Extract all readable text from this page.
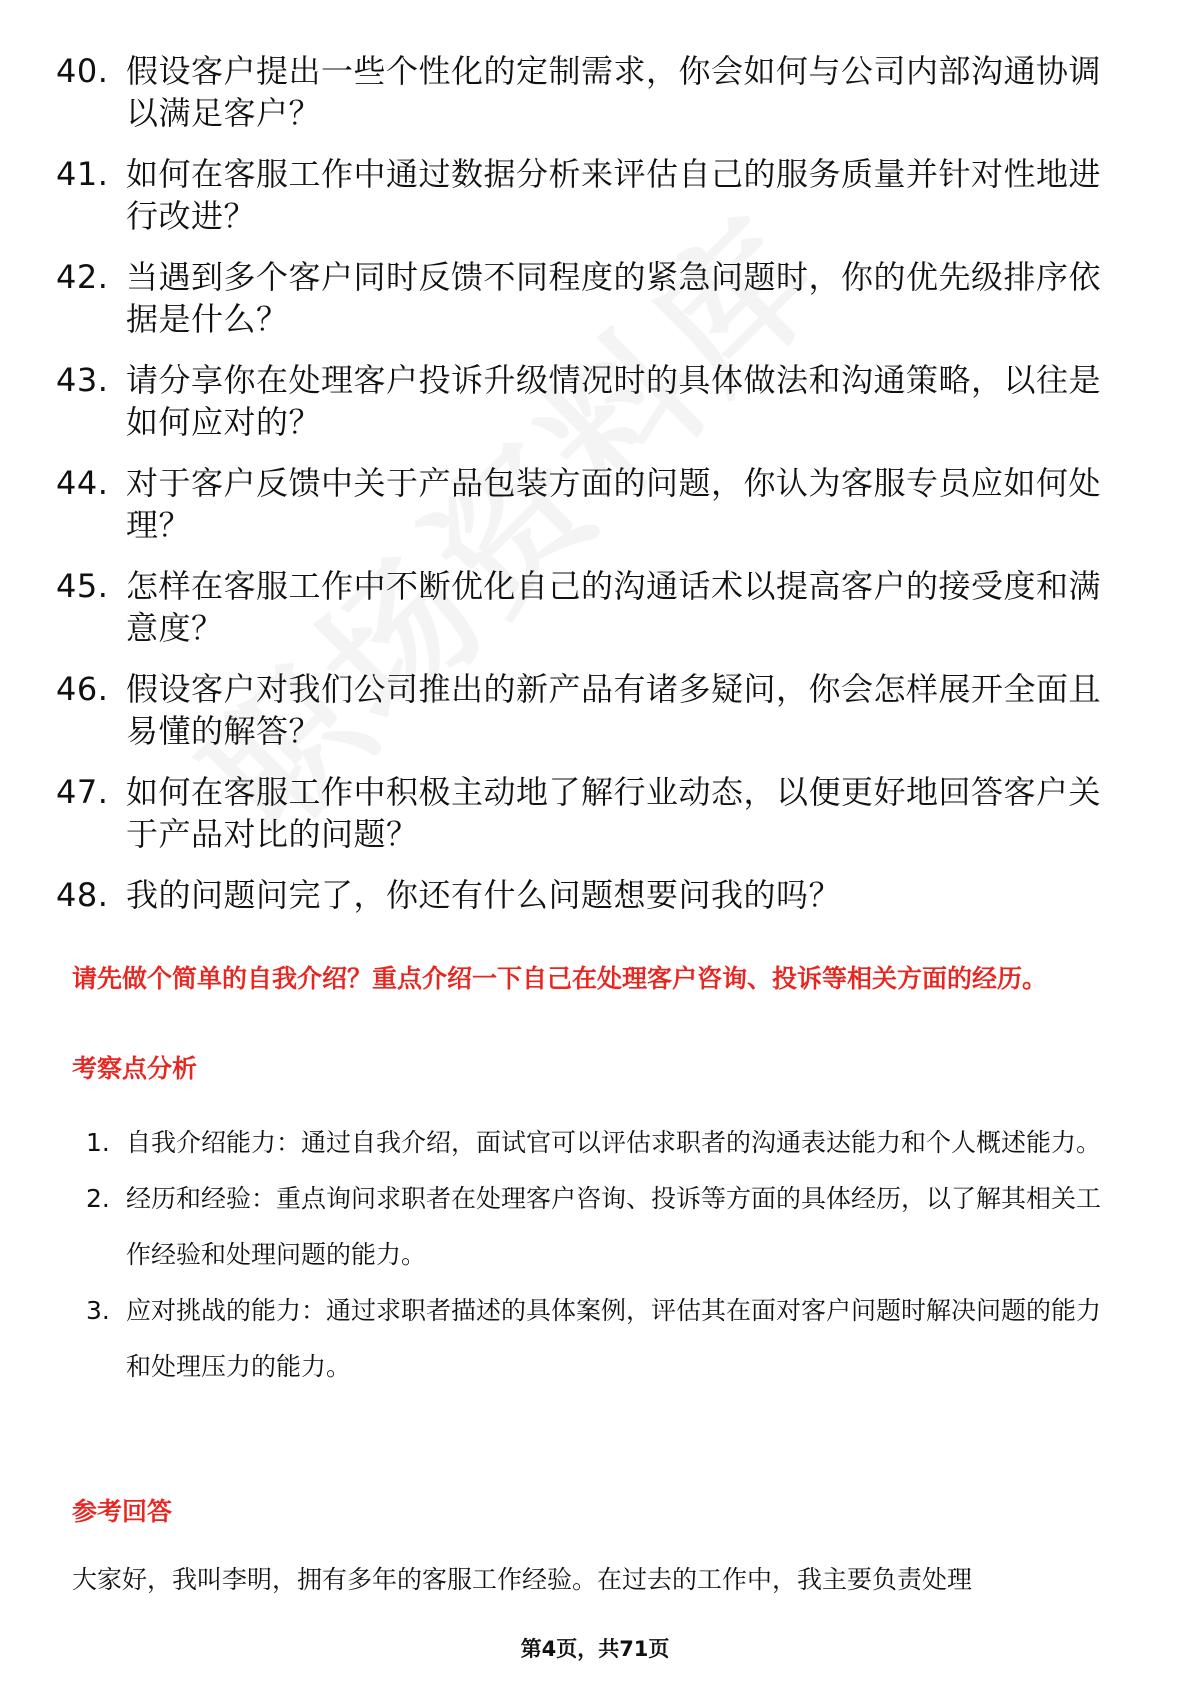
40. 假设客户提出一些个性化的定制需求，你会如何与公司内部沟通协调以满足客户？
41. 如何在客服工作中通过数据分析来评估自己的服务质量并针对性地进行改进？
42. 当遇到多个客户同时反馈不同程度的紧急问题时，你的优先级排序依据是什么？
43. 请分享你在处理客户投诉升级情况时的具体做法和沟通策略，以往是如何应对的？
44. 对于客户反馈中关于产品包装方面的问题，你认为客服专员应如何处理？
45. 怎样在客服工作中不断优化自己的沟通话术以提高客户的接受度和满意度？
46. 假设客户对我们公司推出的新产品有诸多疑问，你会怎样展开全面且易懂的解答？
47. 如何在客服工作中积极主动地了解行业动态，以便更好地回答客户关于产品对比的问题？
48. 我的问题问完了，你还有什么问题想要问我的吗？
请先做个简单的自我介绍？重点介绍一下自己在处理客户咨询、投诉等相关方面的经历。
考察点分析
1. 自我介绍能力：通过自我介绍，面试官可以评估求职者的沟通表达能力和个人概述能力。
2. 经历和经验：重点询问求职者在处理客户咨询、投诉等方面的具体经历，以了解其相关工作经验和处理问题的能力。
3. 应对挑战的能力：通过求职者描述的具体案例，评估其在面对客户问题时解决问题的能力和处理压力的能力。
参考回答
大家好，我叫李明，拥有多年的客服工作经验。在过去的工作中，我主要负责处理
第4页，共71页
